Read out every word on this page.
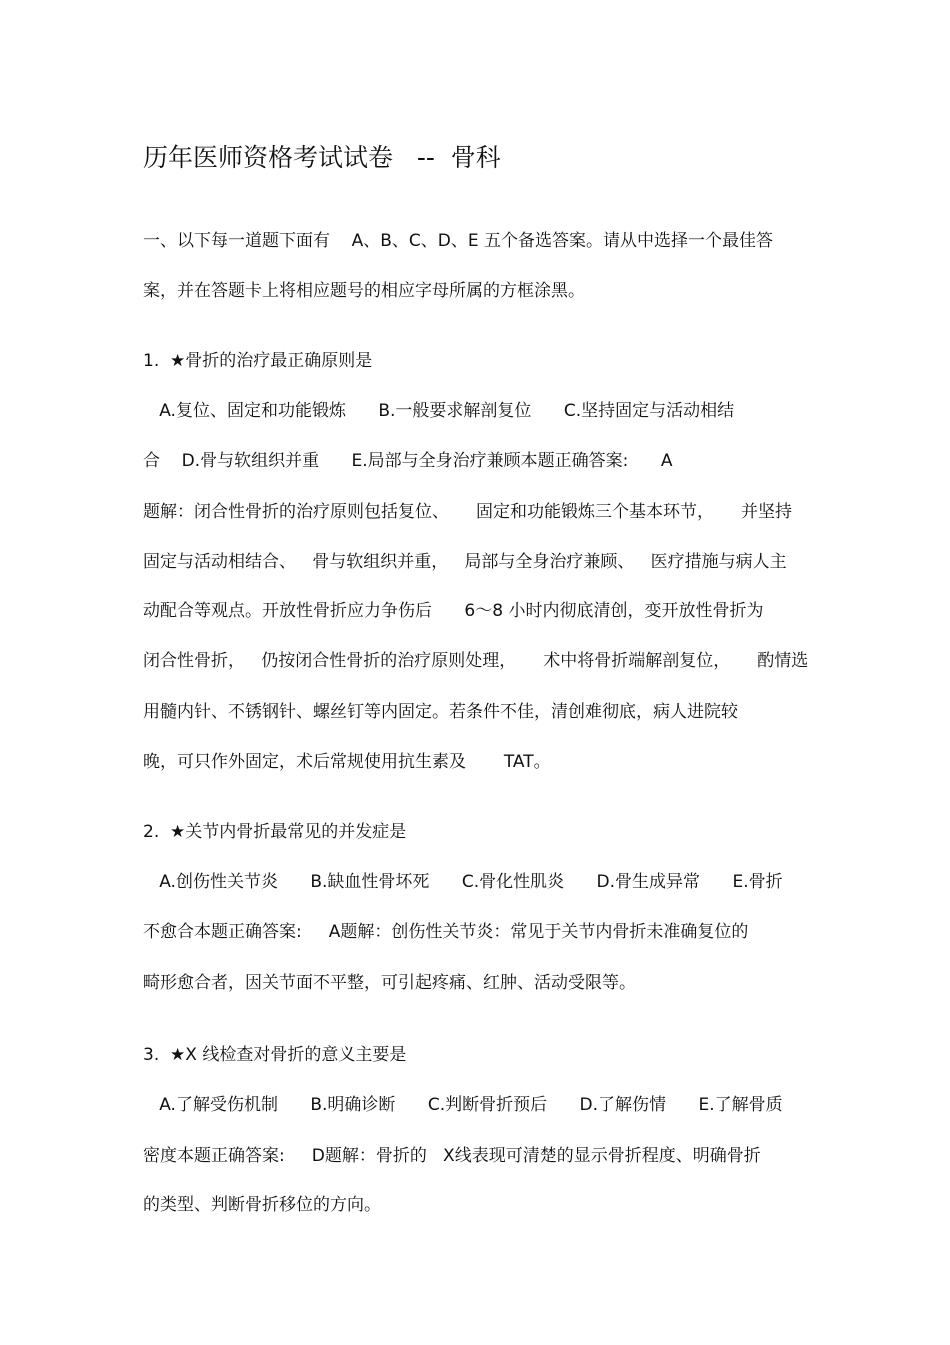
历年医师资格考试试卷   --  骨科
一、以下每一道题下面有    A、B、C、D、E 五个备选答案。请从中选择一个最佳答
案，并在答题卡上将相应题号的相应字母所属的方框涂黑。
1.  ★骨折的治疗最正确原则是
A.复位、固定和功能锻炼      B.一般要求解剖复位      C.坚持固定与活动相结
合    D.骨与软组织并重      E.局部与全身治疗兼顾本题正确答案:      A
题解：闭合性骨折的治疗原则包括复位、     固定和功能锻炼三个基本环节，     并坚持
固定与活动相结合、   骨与软组织并重，   局部与全身治疗兼顾、   医疗措施与病人主
动配合等观点。开放性骨折应力争伤后      6～8 小时内彻底清创，变开放性骨折为
闭合性骨折，   仍按闭合性骨折的治疗原则处理，     术中将骨折端解剖复位，     酌情选
用髓内针、不锈钢针、螺丝钉等内固定。若条件不佳，清创难彻底，病人进院较
晚，可只作外固定，术后常规使用抗生素及       TAT。
2.  ★关节内骨折最常见的并发症是
A.创伤性关节炎      B.缺血性骨坏死      C.骨化性肌炎      D.骨生成异常      E.骨折
不愈合本题正确答案:     A题解：创伤性关节炎：常见于关节内骨折未准确复位的
畸形愈合者，因关节面不平整，可引起疼痛、红肿、活动受限等。
3.  ★X 线检查对骨折的意义主要是
A.了解受伤机制      B.明确诊断      C.判断骨折预后      D.了解伤情      E.了解骨质
密度本题正确答案:     D题解：骨折的   X线表现可清楚的显示骨折程度、明确骨折
的类型、判断骨折移位的方向。
